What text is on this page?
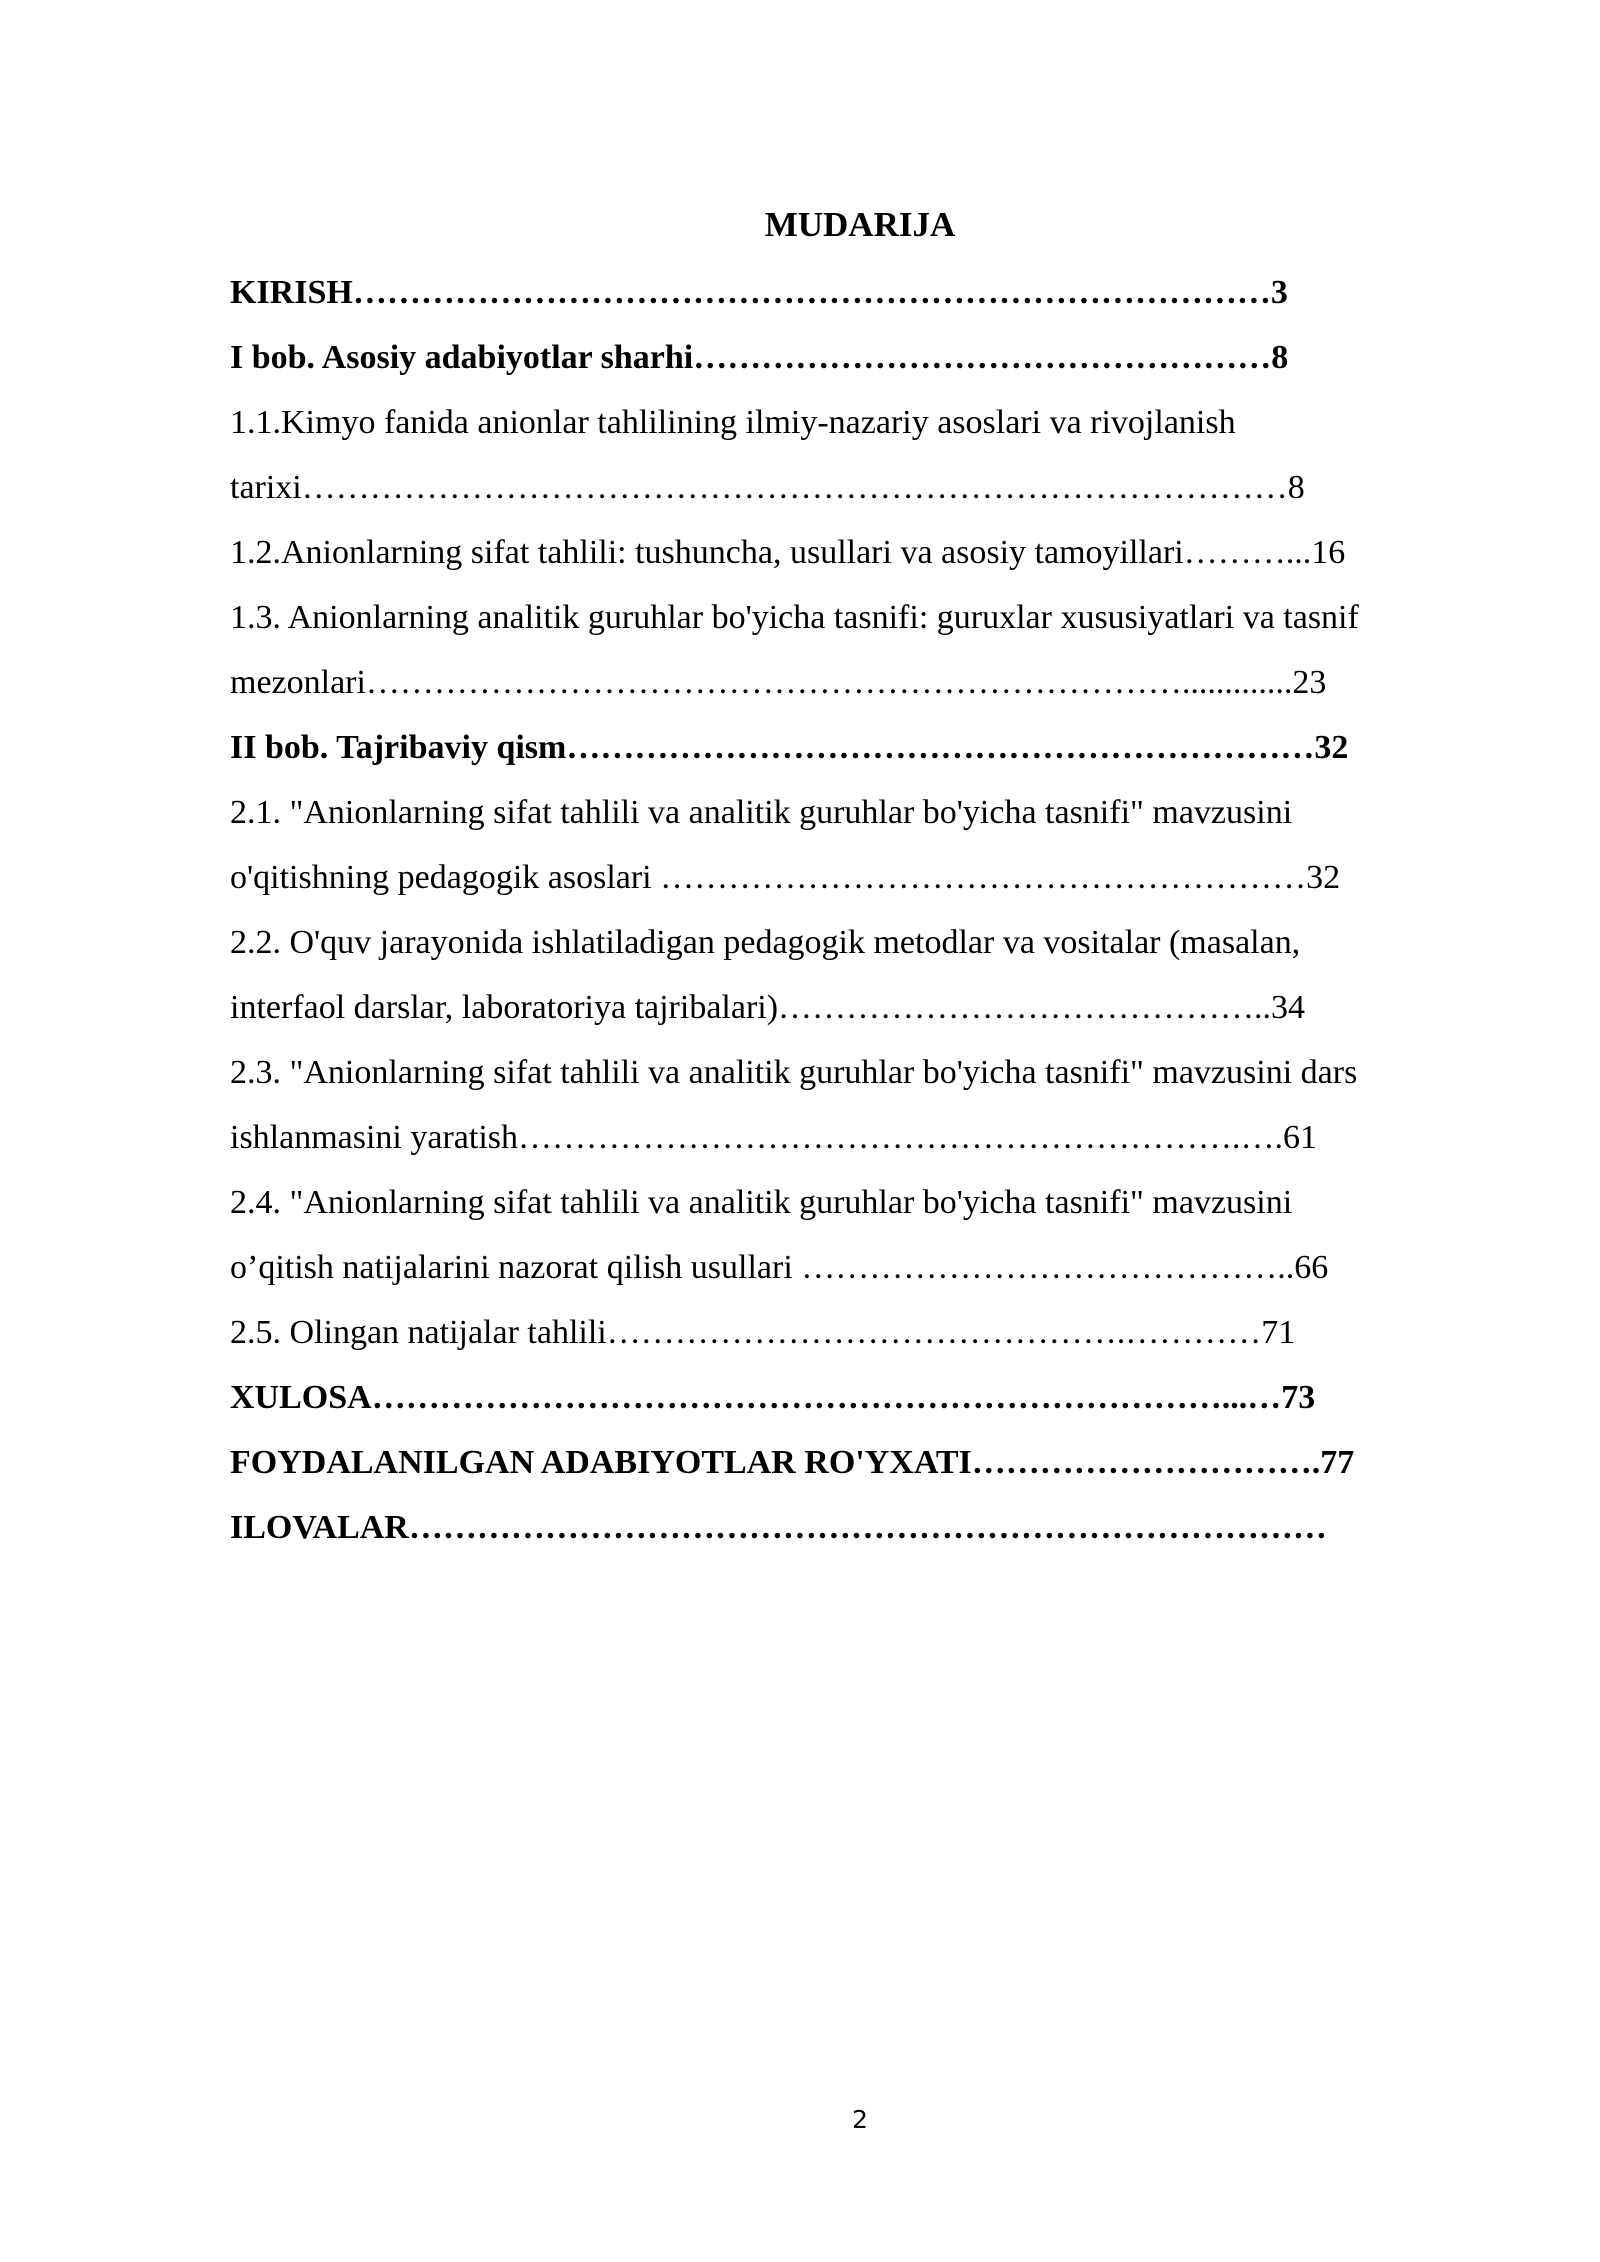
MUDARIJA
KIRISH………………………………………………………………………3
I bob. Asosiy adabiyotlar sharhi……………………………………………8
1.1.Kimyo fanida anionlar tahlilining ilmiy-nazariy asoslari va rivojlanish
tarixi……………………………………………………………………………8
1.2.Anionlarning sifat tahlili: tushuncha, usullari va asosiy tamoyillari………...16
1.3. Anionlarning analitik guruhlar bo'yicha tasnifi: guruxlar xususiyatlari va tasnif
mezonlari……………………………………………………………….............23
II bob. Tajribaviy qism…………………………………………………………32
2.1. "Anionlarning sifat tahlili va analitik guruhlar bo'yicha tasnifi" mavzusini
o'qitishning pedagogik asoslari …………………………………………………32
2.2. O'quv jarayonida ishlatiladigan pedagogik metodlar va vositalar (masalan,
interfaol darslar, laboratoriya tajribalari)……………………………………..34
2.3. "Anionlarning sifat tahlili va analitik guruhlar bo'yicha tasnifi" mavzusini dars
ishlanmasini yaratish……………………………………………………….….61
2.4. "Anionlarning sifat tahlili va analitik guruhlar bo'yicha tasnifi" mavzusini
o’qitish natijalarini nazorat qilish usullari ……………………………………..66
2.5. Olingan natijalar tahlili……………………………………….…………71
XULOSA…………………………………………………………………...…73
FOYDALANILGAN ADABIYOTLAR RO'YXATI………………………….77
ILOVALAR………………………………………………………………………
2
